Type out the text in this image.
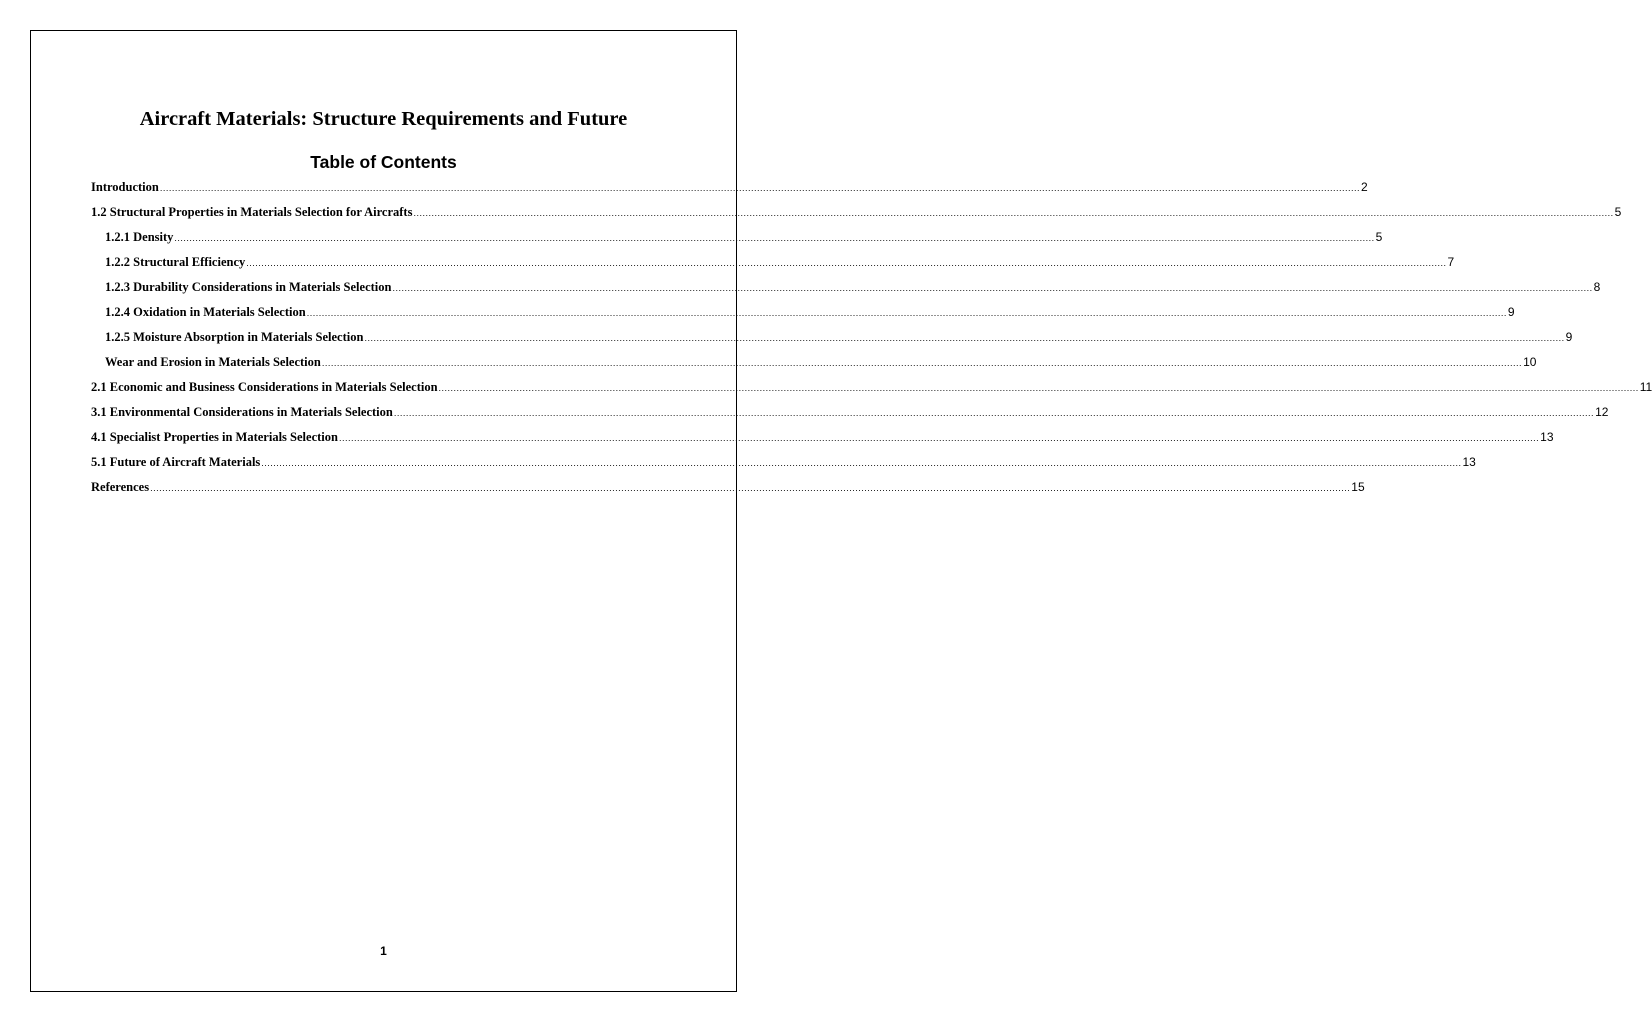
Aircraft Materials: Structure Requirements and Future
Table of Contents
Introduction ................................................................................................................................................................................................................................................................................................................................................................................................................ 2
1.2 Structural Properties in Materials Selection for Aircrafts ................................................................................................................................................................................................................................................................................................................................................................................................................ 5
1.2.1 Density ................................................................................................................................................................................................................................................................................................................................................................................................................ 5
1.2.2 Structural Efficiency ................................................................................................................................................................................................................................................................................................................................................................................................................ 7
1.2.3 Durability Considerations in Materials Selection ................................................................................................................................................................................................................................................................................................................................................................................................................ 8
1.2.4 Oxidation in Materials Selection ................................................................................................................................................................................................................................................................................................................................................................................................................ 9
1.2.5 Moisture Absorption in Materials Selection ................................................................................................................................................................................................................................................................................................................................................................................................................ 9
Wear and Erosion in Materials Selection ................................................................................................................................................................................................................................................................................................................................................................................................................ 10
2.1 Economic and Business Considerations in Materials Selection ................................................................................................................................................................................................................................................................................................................................................................................................................ 11
3.1 Environmental Considerations in Materials Selection ................................................................................................................................................................................................................................................................................................................................................................................................................ 12
4.1 Specialist Properties in Materials Selection ................................................................................................................................................................................................................................................................................................................................................................................................................ 13
5.1 Future of Aircraft Materials ................................................................................................................................................................................................................................................................................................................................................................................................................ 13
References ................................................................................................................................................................................................................................................................................................................................................................................................................ 15
1
